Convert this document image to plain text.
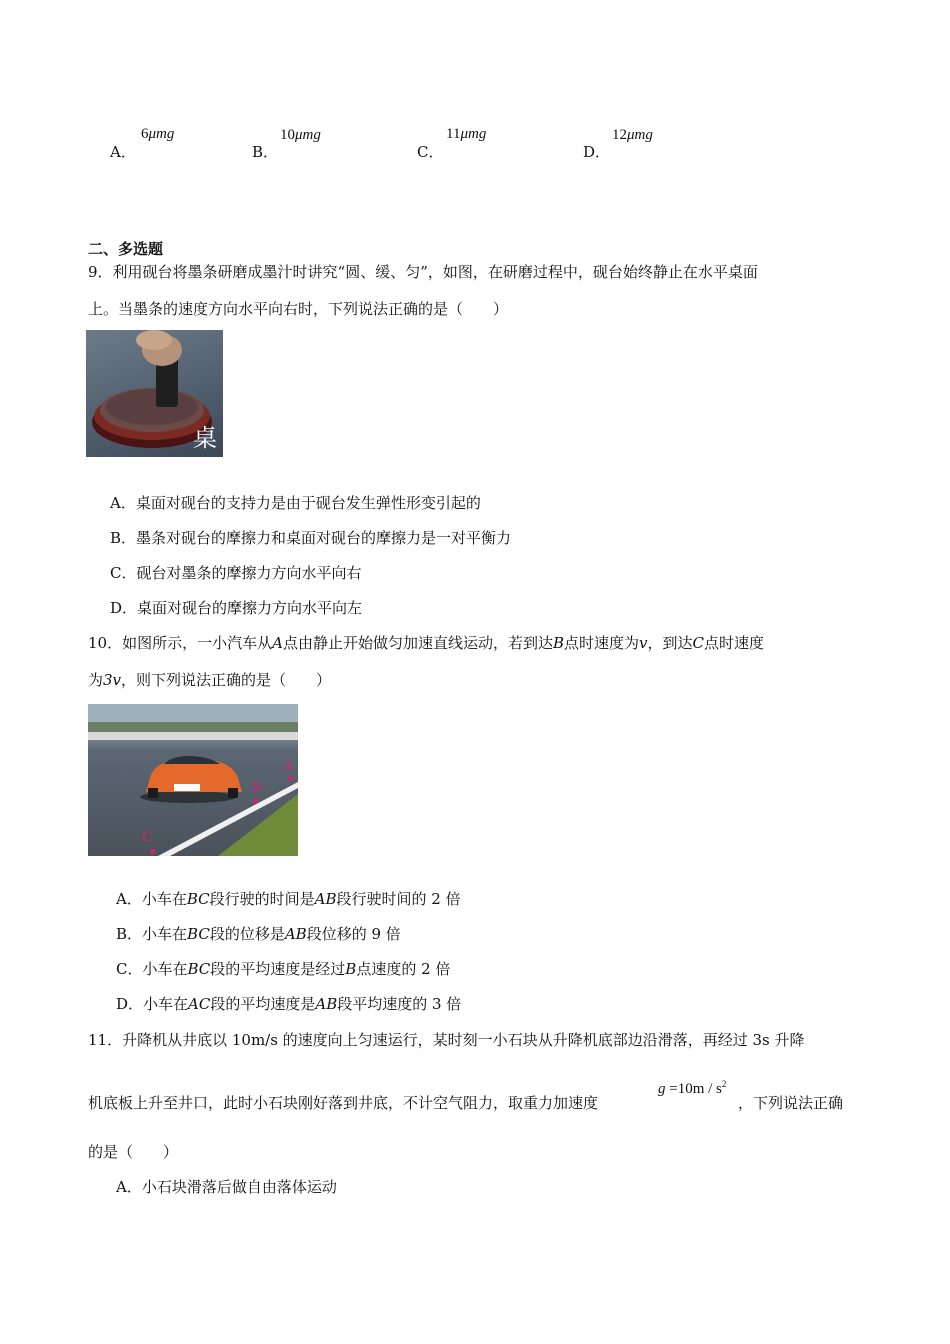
A．
6μmg
B．
10μmg
C．
11μmg
D．
12μmg
二、多选题
9．利用砚台将墨条研磨成墨汁时讲究“圆、缓、匀”，如图，在研磨过程中，砚台始终静止在水平桌面
上。当墨条的速度方向水平向右时，下列说法正确的是（　　）
桌
A．桌面对砚台的支持力是由于砚台发生弹性形变引起的
B．墨条对砚台的摩擦力和桌面对砚台的摩擦力是一对平衡力
C．砚台对墨条的摩擦力方向水平向右
D．桌面对砚台的摩擦力方向水平向左
10．如图所示，一小汽车从A点由静止开始做匀加速直线运动，若到达B点时速度为v，到达C点时速度
为3v，则下列说法正确的是（　　）
A
B
C
A．小车在BC段行驶的时间是AB段行驶时间的 2 倍
B．小车在BC段的位移是AB段位移的 9 倍
C．小车在BC段的平均速度是经过B点速度的 2 倍
D．小车在AC段的平均速度是AB段平均速度的 3 倍
11．升降机从井底以 10m/s 的速度向上匀速运行，某时刻一小石块从升降机底部边沿滑落，再经过 3s 升降
机底板上升至井口，此时小石块刚好落到井底，不计空气阻力，取重力加速度
$g =10m / s^2$
，下列说法正确
的是（　　）
A．小石块滑落后做自由落体运动
